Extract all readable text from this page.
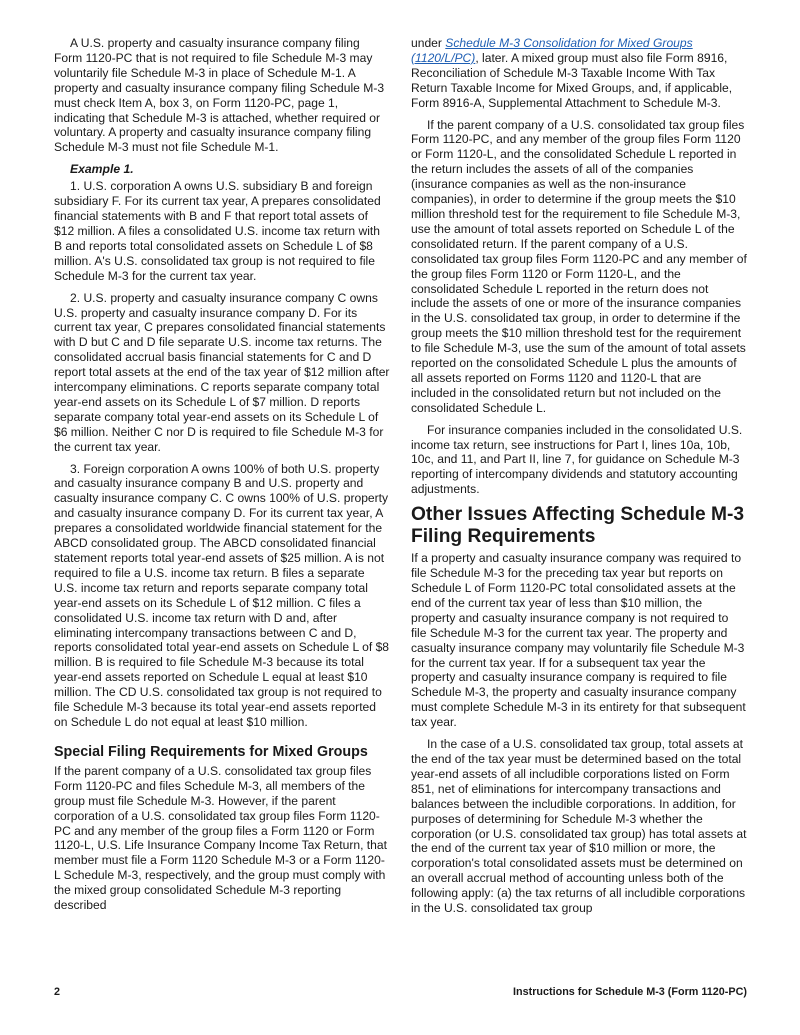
A U.S. property and casualty insurance company filing Form 1120-PC that is not required to file Schedule M-3 may voluntarily file Schedule M-3 in place of Schedule M-1. A property and casualty insurance company filing Schedule M-3 must check Item A, box 3, on Form 1120-PC, page 1, indicating that Schedule M-3 is attached, whether required or voluntary. A property and casualty insurance company filing Schedule M-3 must not file Schedule M-1.

Example 1.

1. U.S. corporation A owns U.S. subsidiary B and foreign subsidiary F. For its current tax year, A prepares consolidated financial statements with B and F that report total assets of $12 million. A files a consolidated U.S. income tax return with B and reports total consolidated assets on Schedule L of $8 million. A's U.S. consolidated tax group is not required to file Schedule M-3 for the current tax year.

2. U.S. property and casualty insurance company C owns U.S. property and casualty insurance company D. For its current tax year, C prepares consolidated financial statements with D but C and D file separate U.S. income tax returns. The consolidated accrual basis financial statements for C and D report total assets at the end of the tax year of $12 million after intercompany eliminations. C reports separate company total year-end assets on its Schedule L of $7 million. D reports separate company total year-end assets on its Schedule L of $6 million. Neither C nor D is required to file Schedule M-3 for the current tax year.

3. Foreign corporation A owns 100% of both U.S. property and casualty insurance company B and U.S. property and casualty insurance company C. C owns 100% of U.S. property and casualty insurance company D. For its current tax year, A prepares a consolidated worldwide financial statement for the ABCD consolidated group. The ABCD consolidated financial statement reports total year-end assets of $25 million. A is not required to file a U.S. income tax return. B files a separate U.S. income tax return and reports separate company total year-end assets on its Schedule L of $12 million. C files a consolidated U.S. income tax return with D and, after eliminating intercompany transactions between C and D, reports consolidated total year-end assets on Schedule L of $8 million. B is required to file Schedule M-3 because its total year-end assets reported on Schedule L equal at least $10 million. The CD U.S. consolidated tax group is not required to file Schedule M-3 because its total year-end assets reported on Schedule L do not equal at least $10 million.

Special Filing Requirements for Mixed Groups

If the parent company of a U.S. consolidated tax group files Form 1120-PC and files Schedule M-3, all members of the group must file Schedule M-3. However, if the parent corporation of a U.S. consolidated tax group files Form 1120-PC and any member of the group files a Form 1120 or Form 1120-L, U.S. Life Insurance Company Income Tax Return, that member must file a Form 1120 Schedule M-3 or a Form 1120-L Schedule M-3, respectively, and the group must comply with the mixed group consolidated Schedule M-3 reporting described

under Schedule M-3 Consolidation for Mixed Groups (1120/L/PC), later. A mixed group must also file Form 8916, Reconciliation of Schedule M-3 Taxable Income With Tax Return Taxable Income for Mixed Groups, and, if applicable, Form 8916-A, Supplemental Attachment to Schedule M-3.

If the parent company of a U.S. consolidated tax group files Form 1120-PC, and any member of the group files Form 1120 or Form 1120-L, and the consolidated Schedule L reported in the return includes the assets of all of the companies (insurance companies as well as the non-insurance companies), in order to determine if the group meets the $10 million threshold test for the requirement to file Schedule M-3, use the amount of total assets reported on Schedule L of the consolidated return. If the parent company of a U.S. consolidated tax group files Form 1120-PC and any member of the group files Form 1120 or Form 1120-L, and the consolidated Schedule L reported in the return does not include the assets of one or more of the insurance companies in the U.S. consolidated tax group, in order to determine if the group meets the $10 million threshold test for the requirement to file Schedule M-3, use the sum of the amount of total assets reported on the consolidated Schedule L plus the amounts of all assets reported on Forms 1120 and 1120-L that are included in the consolidated return but not included on the consolidated Schedule L.

For insurance companies included in the consolidated U.S. income tax return, see instructions for Part I, lines 10a, 10b, 10c, and 11, and Part II, line 7, for guidance on Schedule M-3 reporting of intercompany dividends and statutory accounting adjustments.

Other Issues Affecting Schedule M-3 Filing Requirements

If a property and casualty insurance company was required to file Schedule M-3 for the preceding tax year but reports on Schedule L of Form 1120-PC total consolidated assets at the end of the current tax year of less than $10 million, the property and casualty insurance company is not required to file Schedule M-3 for the current tax year. The property and casualty insurance company may voluntarily file Schedule M-3 for the current tax year. If for a subsequent tax year the property and casualty insurance company is required to file Schedule M-3, the property and casualty insurance company must complete Schedule M-3 in its entirety for that subsequent tax year.

In the case of a U.S. consolidated tax group, total assets at the end of the tax year must be determined based on the total year-end assets of all includible corporations listed on Form 851, net of eliminations for intercompany transactions and balances between the includible corporations. In addition, for purposes of determining for Schedule M-3 whether the corporation (or U.S. consolidated tax group) has total assets at the end of the current tax year of $10 million or more, the corporation's total consolidated assets must be determined on an overall accrual method of accounting unless both of the following apply: (a) the tax returns of all includible corporations in the U.S. consolidated tax group

2	Instructions for Schedule M-3 (Form 1120-PC)
